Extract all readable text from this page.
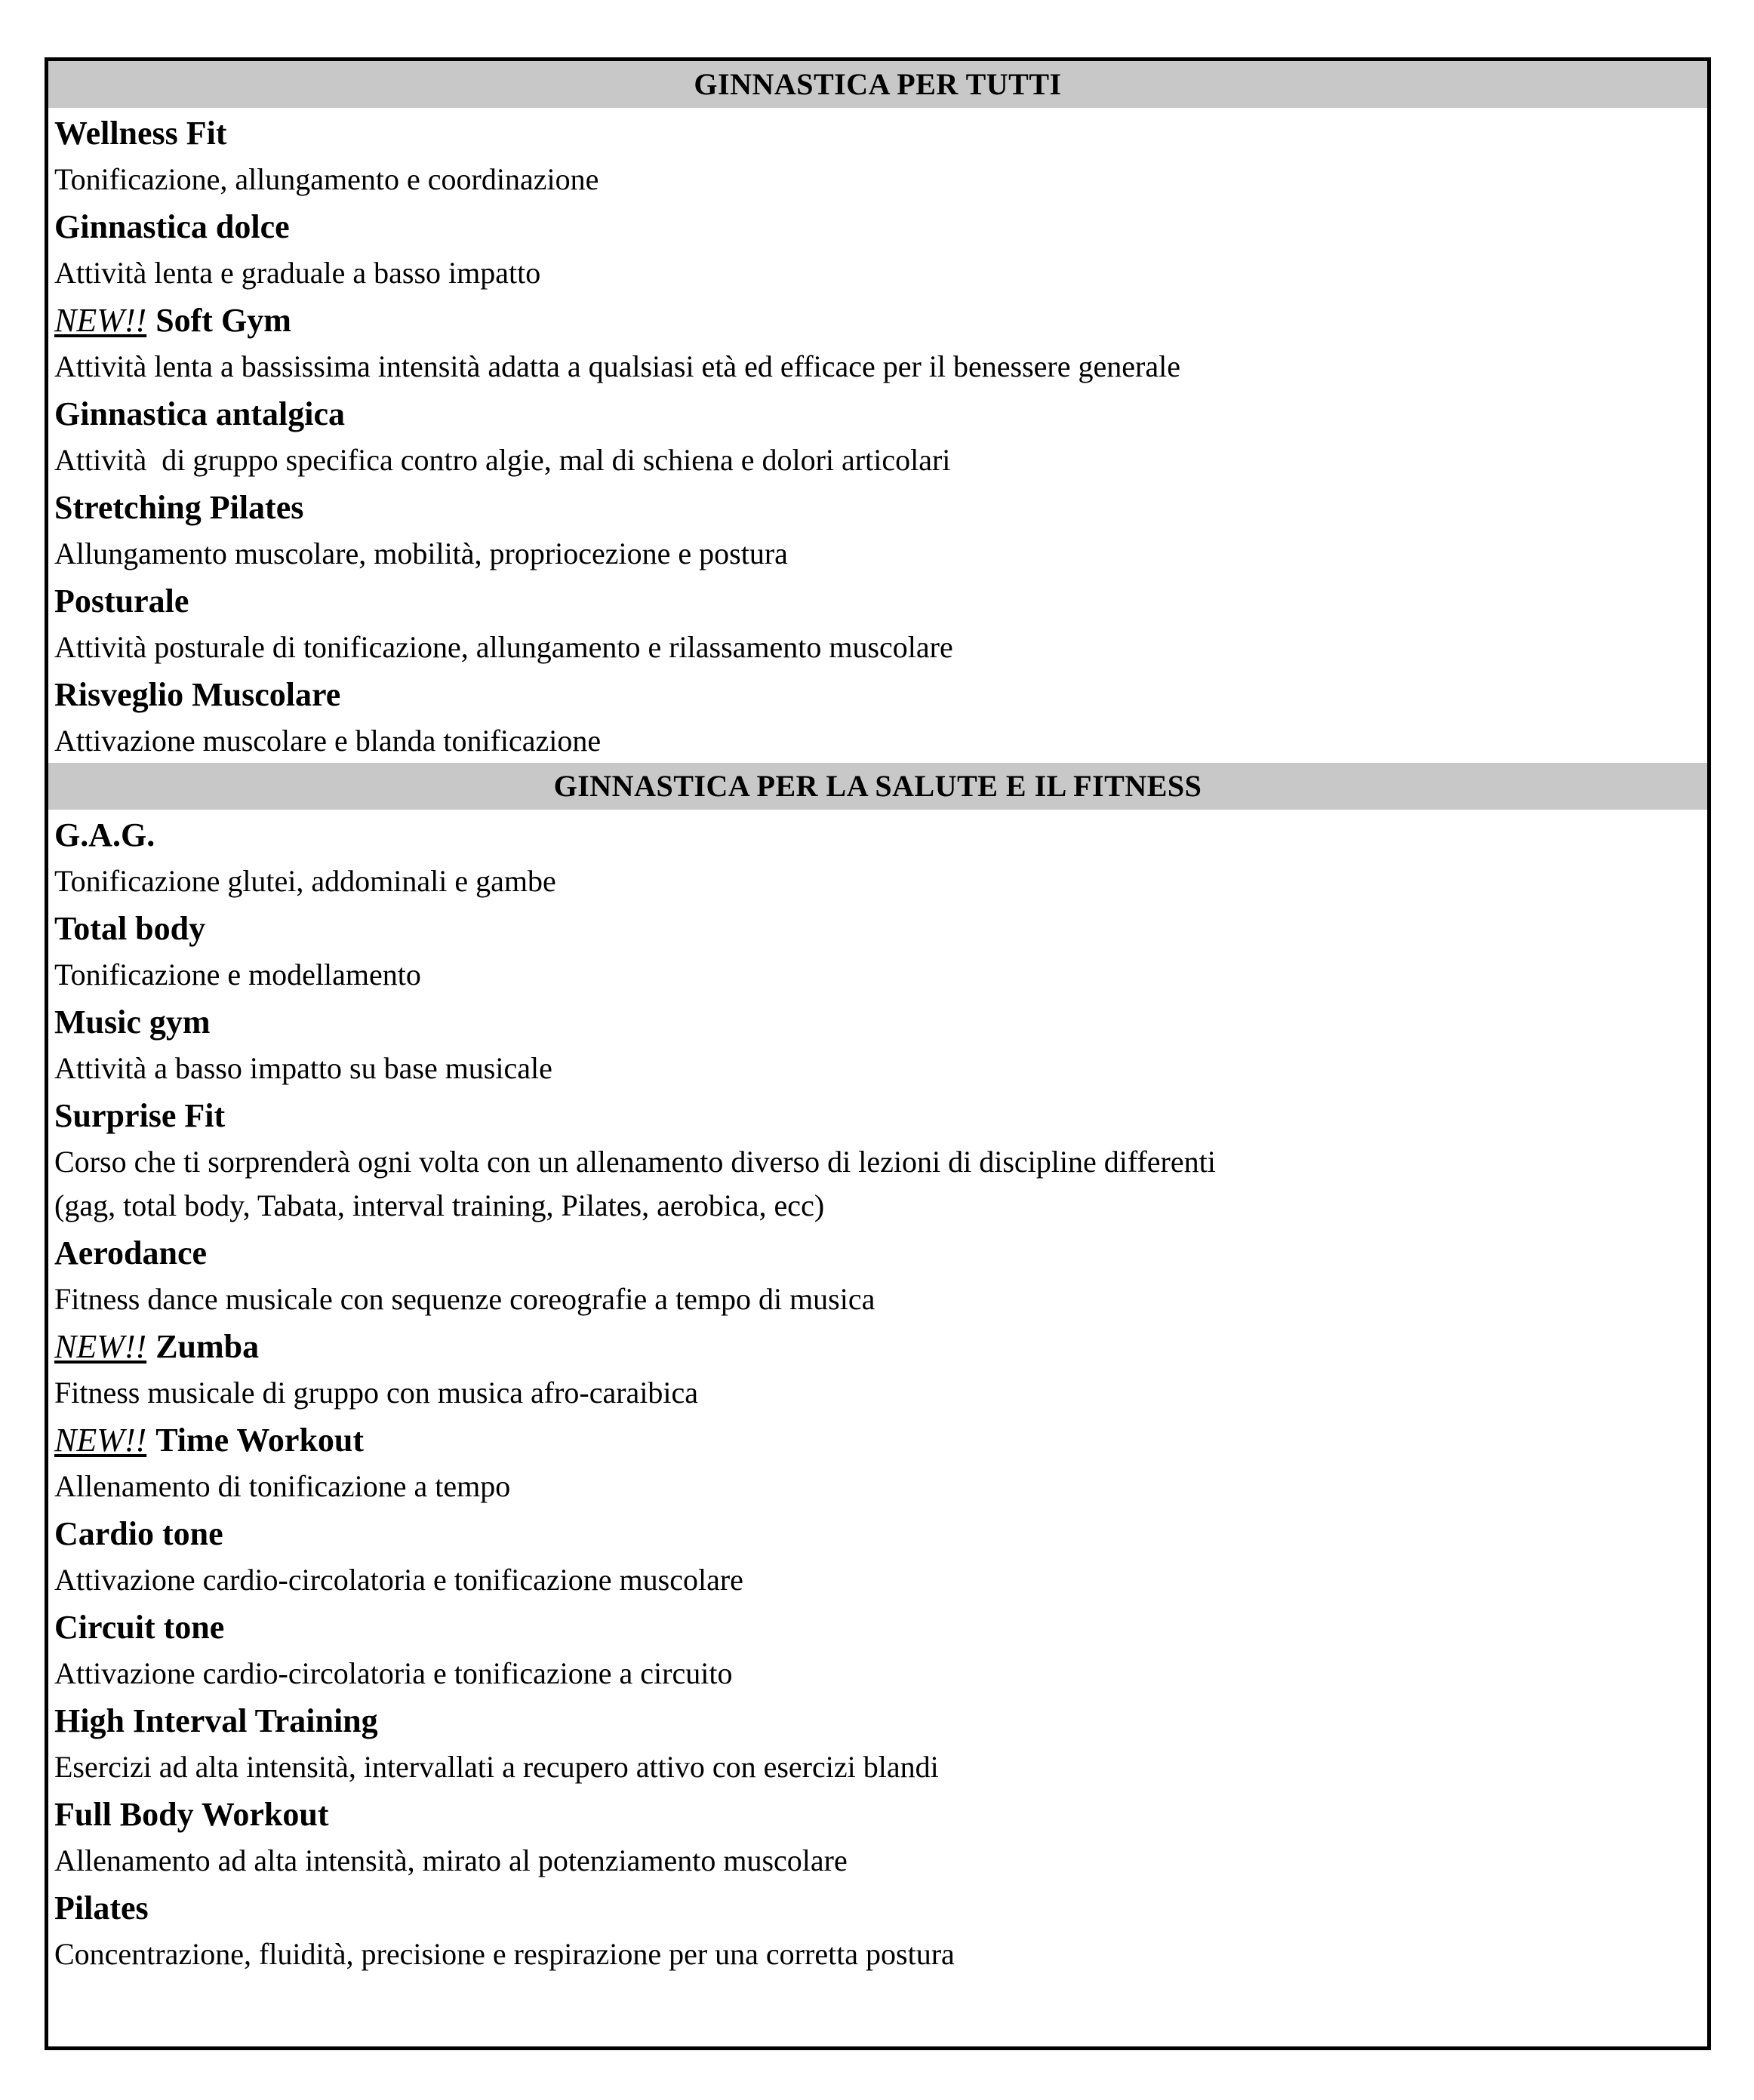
GINNASTICA PER TUTTI
Wellness Fit
Tonificazione, allungamento e coordinazione
Ginnastica dolce
Attività lenta e graduale a basso impatto
NEW!! Soft Gym
Attività lenta a bassissima intensità adatta a qualsiasi età ed efficace per il benessere generale
Ginnastica antalgica
Attività  di gruppo specifica contro algie, mal di schiena e dolori articolari
Stretching Pilates
Allungamento muscolare, mobilità, propriocezione e postura
Posturale
Attività posturale di tonificazione, allungamento e rilassamento muscolare
Risveglio Muscolare
Attivazione muscolare e blanda tonificazione
GINNASTICA PER LA SALUTE E IL FITNESS
G.A.G.
Tonificazione glutei, addominali e gambe
Total body
Tonificazione e modellamento
Music gym
Attività a basso impatto su base musicale
Surprise Fit
Corso che ti sorprenderà ogni volta con un allenamento diverso di lezioni di discipline differenti
(gag, total body, Tabata, interval training, Pilates, aerobica, ecc)
Aerodance
Fitness dance musicale con sequenze coreografie a tempo di musica
NEW!! Zumba
Fitness musicale di gruppo con musica afro-caraibica
NEW!! Time Workout
Allenamento di tonificazione a tempo
Cardio tone
Attivazione cardio-circolatoria e tonificazione muscolare
Circuit tone
Attivazione cardio-circolatoria e tonificazione a circuito
High Interval Training
Esercizi ad alta intensità, intervallati a recupero attivo con esercizi blandi
Full Body Workout
Allenamento ad alta intensità, mirato al potenziamento muscolare
Pilates
Concentrazione, fluidità, precisione e respirazione per una corretta postura
